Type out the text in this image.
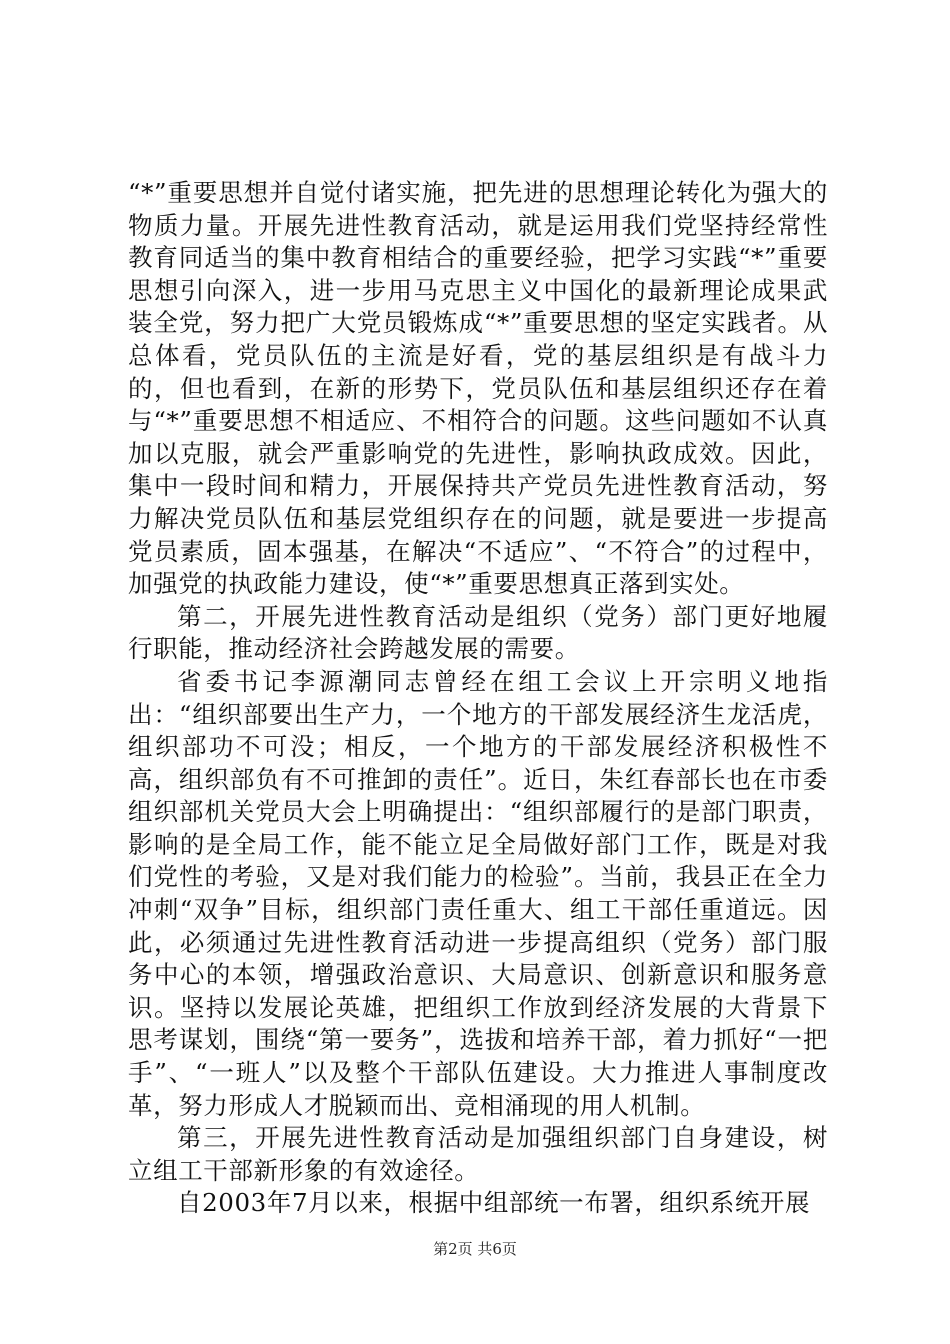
“*”重要思想并自觉付诸实施，把先进的思想理论转化为强大的物质力量。开展先进性教育活动，就是运用我们党坚持经常性教育同适当的集中教育相结合的重要经验，把学习实践“*”重要思想引向深入，进一步用马克思主义中国化的最新理论成果武装全党，努力把广大党员锻炼成“*”重要思想的坚定实践者。从总体看，党员队伍的主流是好看，党的基层组织是有战斗力的，但也看到，在新的形势下，党员队伍和基层组织还存在着与“*”重要思想不相适应、不相符合的问题。这些问题如不认真加以克服，就会严重影响党的先进性，影响执政成效。因此，集中一段时间和精力，开展保持共产党员先进性教育活动，努力解决党员队伍和基层党组织存在的问题，就是要进一步提高党员素质，固本强基，在解决“不适应”、“不符合”的过程中，加强党的执政能力建设，使“*”重要思想真正落到实处。

第二，开展先进性教育活动是组织（党务）部门更好地履行职能，推动经济社会跨越发展的需要。

省委书记李源潮同志曾经在组工会议上开宗明义地指出：“组织部要出生产力，一个地方的干部发展经济生龙活虎，组织部功不可没；相反，一个地方的干部发展经济积极性不高，组织部负有不可推卸的责任”。近日，朱红春部长也在市委组织部机关党员大会上明确提出：“组织部履行的是部门职责，影响的是全局工作，能不能立足全局做好部门工作，既是对我们党性的考验，又是对我们能力的检验”。当前，我县正在全力冲刺“双争”目标，组织部门责任重大、组工干部任重道远。因此，必须通过先进性教育活动进一步提高组织（党务）部门服务中心的本领，增强政治意识、大局意识、创新意识和服务意识。坚持以发展论英雄，把组织工作放到经济发展的大背景下思考谋划，围绕“第一要务”，选拔和培养干部，着力抓好“一把手”、“一班人”以及整个干部队伍建设。大力推进人事制度改革，努力形成人才脱颖而出、竞相涌现的用人机制。

第三，开展先进性教育活动是加强组织部门自身建设，树立组工干部新形象的有效途径。

自2003年7月以来，根据中组部统一布署，组织系统开展

第2页 共6页
